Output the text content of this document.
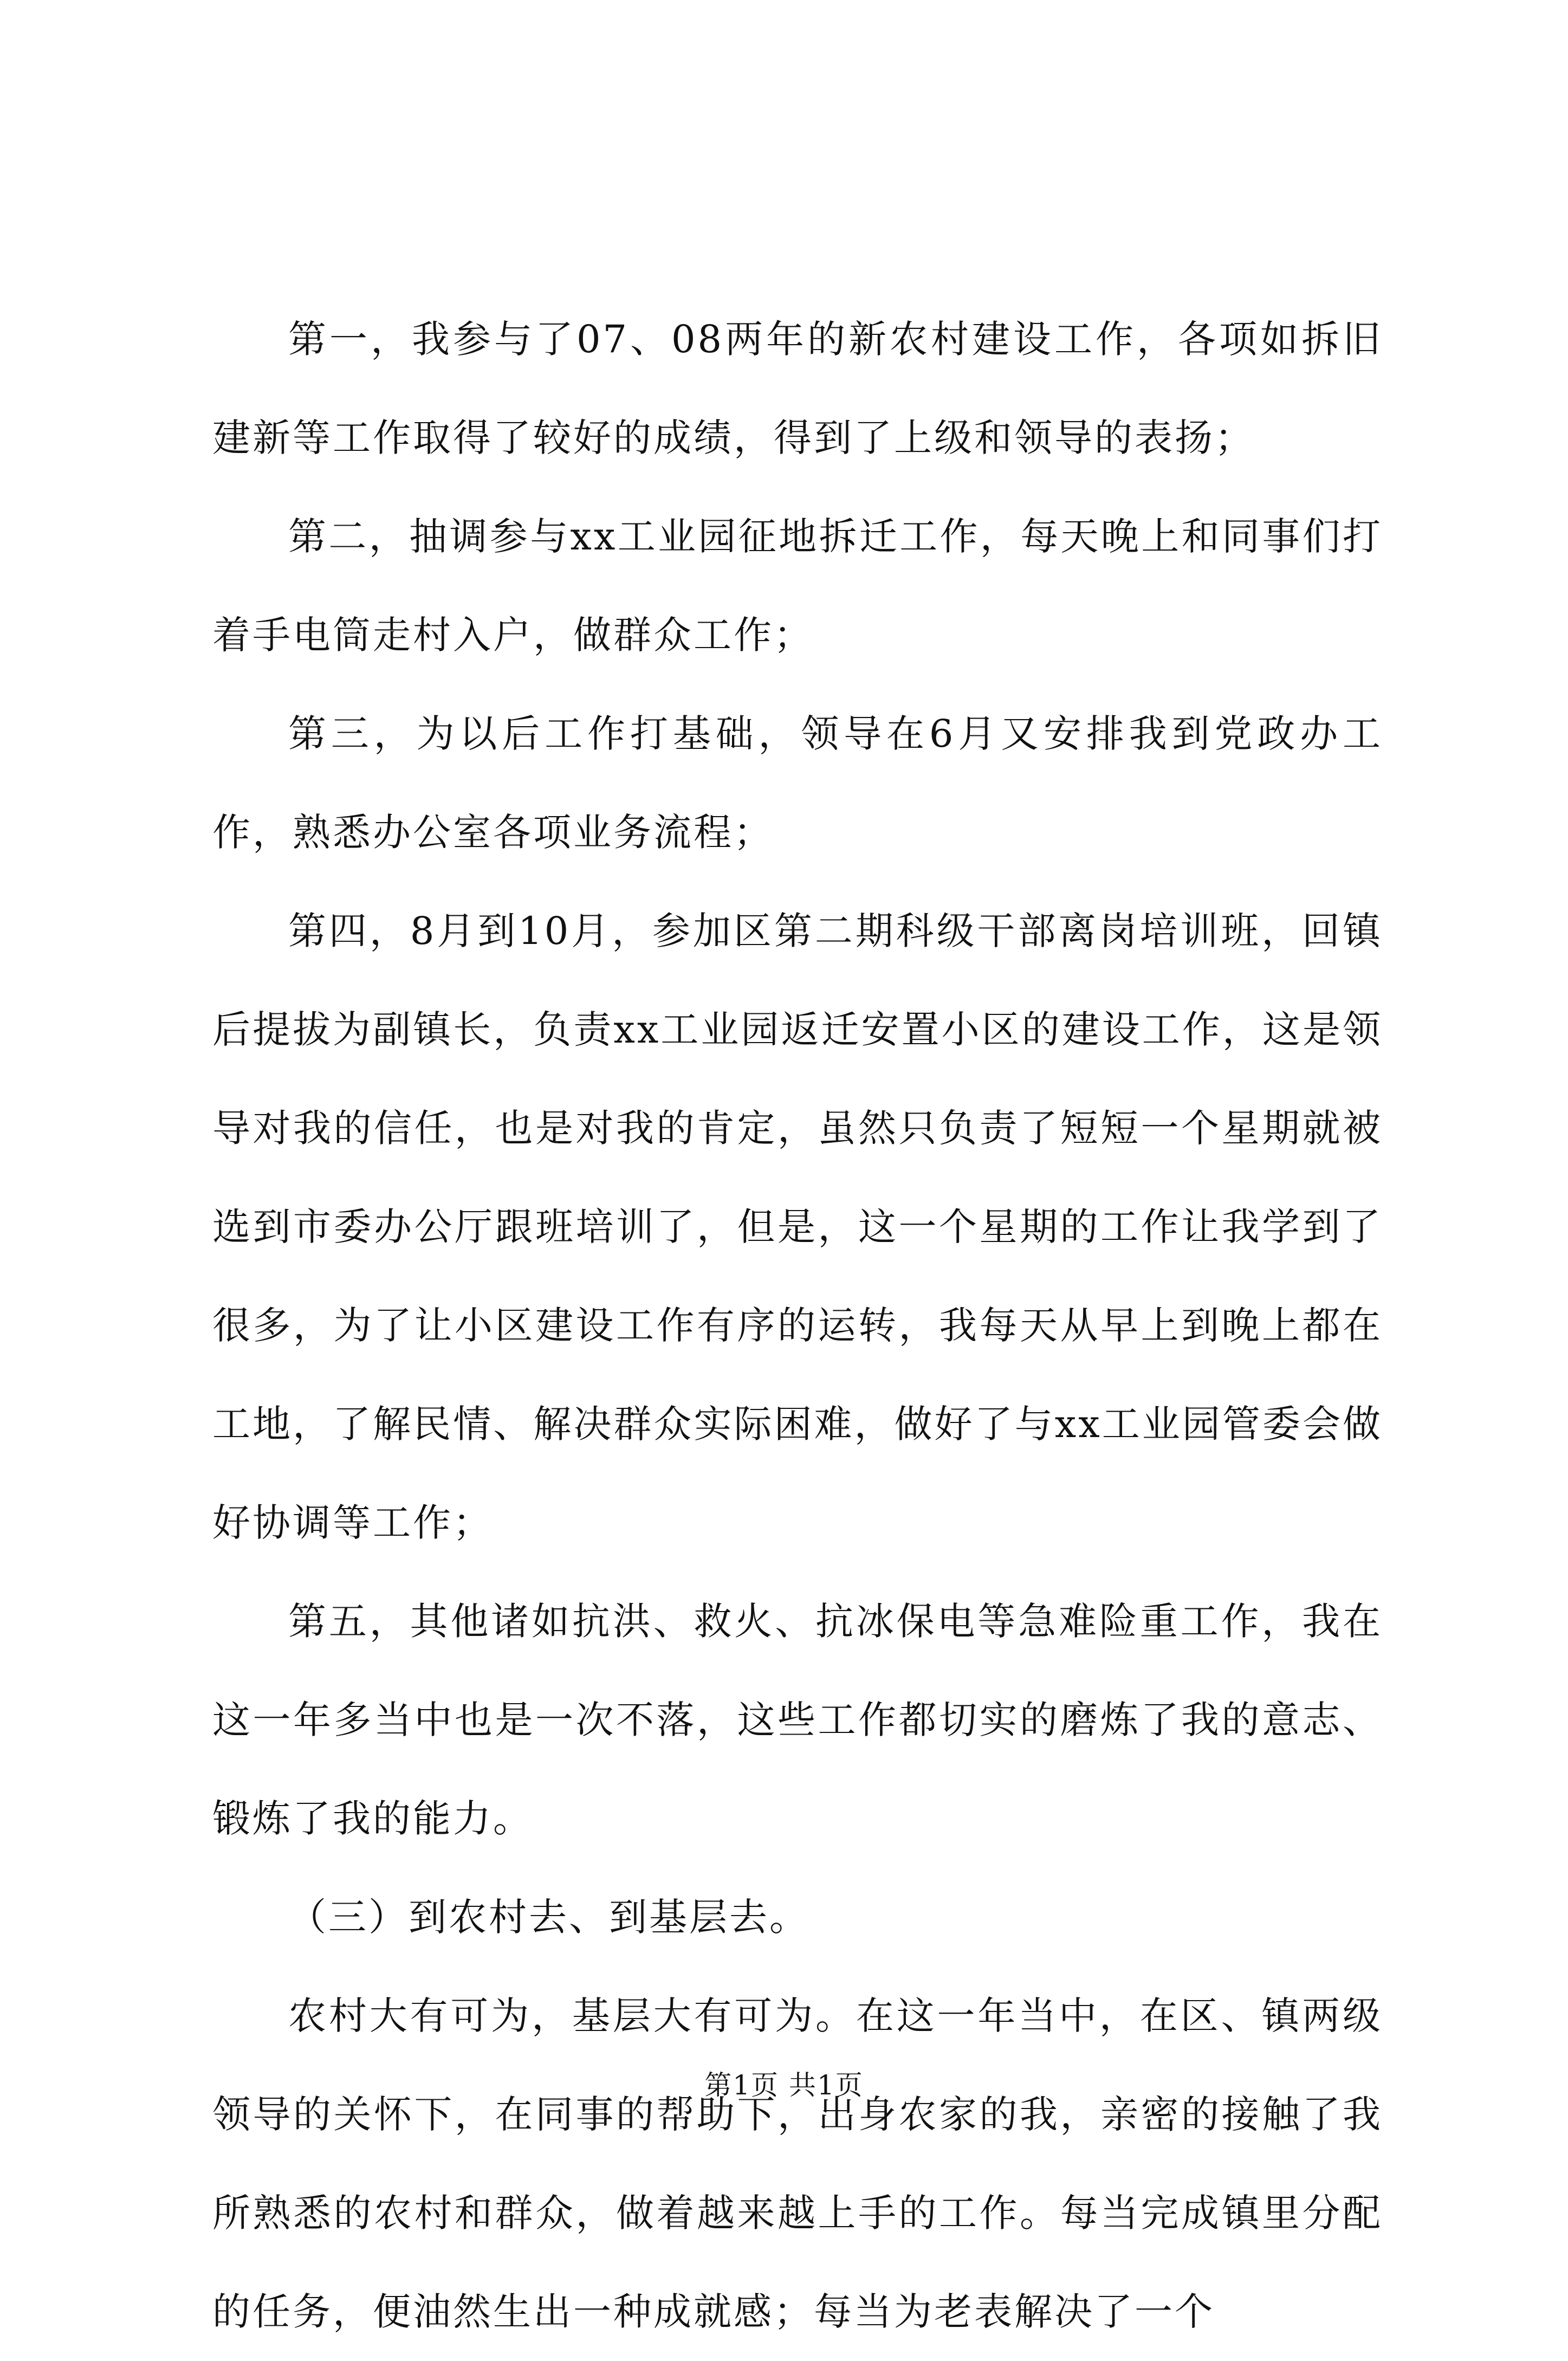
第一，我参与了07、08两年的新农村建设工作，各项如拆旧建新等工作取得了较好的成绩，得到了上级和领导的表扬；

第二，抽调参与xx工业园征地拆迁工作，每天晚上和同事们打着手电筒走村入户，做群众工作；

第三，为以后工作打基础，领导在6月又安排我到党政办工作，熟悉办公室各项业务流程；

第四，8月到10月，参加区第二期科级干部离岗培训班，回镇后提拔为副镇长，负责xx工业园返迁安置小区的建设工作，这是领导对我的信任，也是对我的肯定，虽然只负责了短短一个星期就被选到市委办公厅跟班培训了，但是，这一个星期的工作让我学到了很多，为了让小区建设工作有序的运转，我每天从早上到晚上都在工地，了解民情、解决群众实际困难，做好了与xx工业园管委会做好协调等工作；

第五，其他诸如抗洪、救火、抗冰保电等急难险重工作，我在这一年多当中也是一次不落，这些工作都切实的磨炼了我的意志、锻炼了我的能力。

（三）到农村去、到基层去。

农村大有可为，基层大有可为。在这一年当中，在区、镇两级领导的关怀下，在同事的帮助下，出身农家的我，亲密的接触了我所熟悉的农村和群众，做着越来越上手的工作。每当完成镇里分配的任务，便油然生出一种成就感；每当为老表解决了一个

第1页 共1页
